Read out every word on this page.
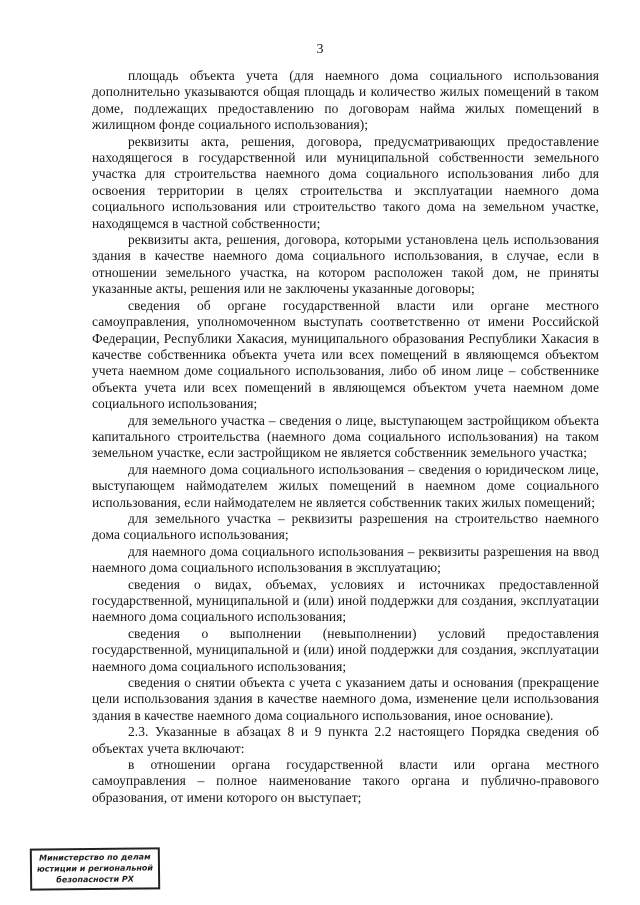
3

площадь объекта учета (для наемного дома социального использования дополнительно указываются общая площадь и количество жилых помещений в таком доме, подлежащих предоставлению по договорам найма жилых помещений в жилищном фонде социального использования);

реквизиты акта, решения, договора, предусматривающих предоставление находящегося в государственной или муниципальной собственности земельного участка для строительства наемного дома социального использования либо для освоения территории в целях строительства и эксплуатации наемного дома социального использования или строительство такого дома на земельном участке, находящемся в частной собственности;

реквизиты акта, решения, договора, которыми установлена цель использования здания в качестве наемного дома социального использования, в случае, если в отношении земельного участка, на котором расположен такой дом, не приняты указанные акты, решения или не заключены указанные договоры;

сведения об органе государственной власти или органе местного самоуправления, уполномоченном выступать соответственно от имени Российской Федерации, Республики Хакасия, муниципального образования Республики Хакасия в качестве собственника объекта учета или всех помещений в являющемся объектом учета наемном доме социального использования, либо об ином лице – собственнике объекта учета или всех помещений в являющемся объектом учета наемном доме социального использования;

для земельного участка – сведения о лице, выступающем застройщиком объекта капитального строительства (наемного дома социального использования) на таком земельном участке, если застройщиком не является собственник земельного участка;

для наемного дома социального использования – сведения о юридическом лице, выступающем наймодателем жилых помещений в наемном доме социального использования, если наймодателем не является собственник таких жилых помещений;

для земельного участка – реквизиты разрешения на строительство наемного дома социального использования;

для наемного дома социального использования – реквизиты разрешения на ввод наемного дома социального использования в эксплуатацию;

сведения о видах, объемах, условиях и источниках предоставленной государственной, муниципальной и (или) иной поддержки для создания, эксплуатации наемного дома социального использования;

сведения о выполнении (невыполнении) условий предоставления государственной, муниципальной и (или) иной поддержки для создания, эксплуатации наемного дома социального использования;

сведения о снятии объекта с учета с указанием даты и основания (прекращение цели использования здания в качестве наемного дома, изменение цели использования здания в качестве наемного дома социального использования, иное основание).

2.3. Указанные в абзацах 8 и 9 пункта 2.2 настоящего Порядка сведения об объектах учета включают:

в отношении органа государственной власти или органа местного самоуправления – полное наименование такого органа и публично-правового образования, от имени которого он выступает;

Министерство по делам
юстиции и региональной
безопасности РХ
